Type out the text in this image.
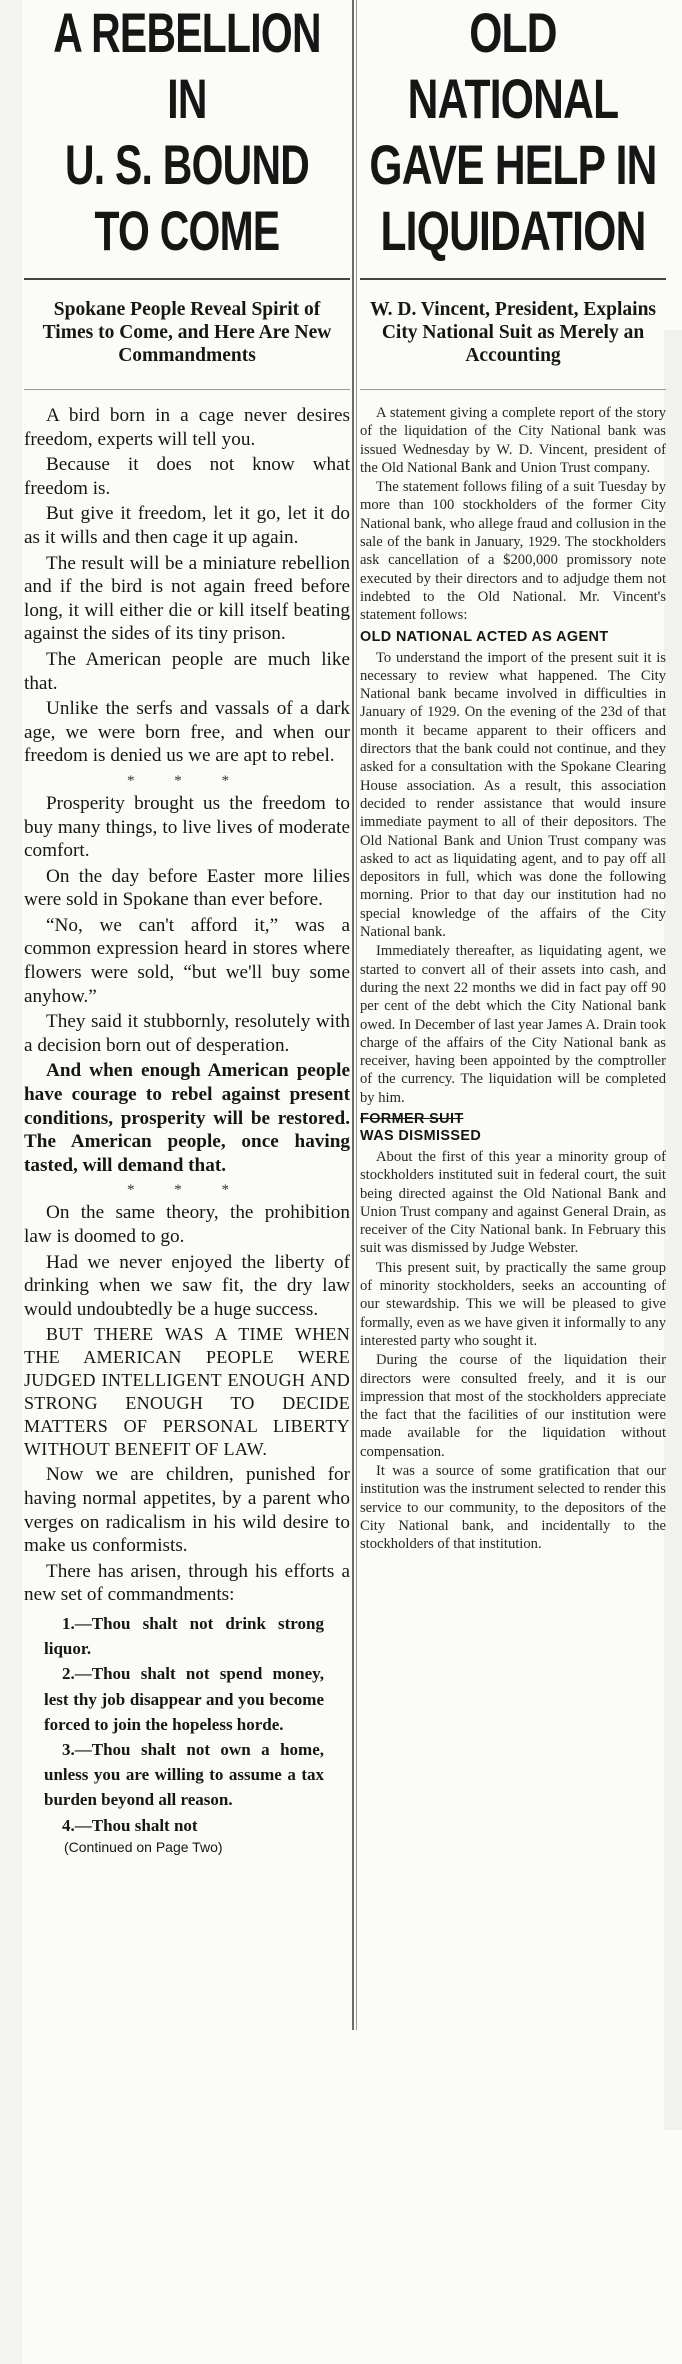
A REBELLION IN
U. S. BOUND
TO COME
Spokane People Reveal Spirit of Times to Come, and Here Are New Commandments

A bird born in a cage never desires freedom, experts will tell you.

Because it does not know what freedom is.

But give it freedom, let it go, let it do as it wills and then cage it up again.

The result will be a miniature rebellion and if the bird is not again freed before long, it will either die or kill itself beating against the sides of its tiny prison.

The American people are much like that.

Unlike the serfs and vassals of a dark age, we were born free, and when our freedom is denied us we are apt to rebel.

* * *

Prosperity brought us the freedom to buy many things, to live lives of moderate comfort.

On the day before Easter more lilies were sold in Spokane than ever before.

“No, we can't afford it,” was a common expression heard in stores where flowers were sold, “but we'll buy some anyhow.”

They said it stubbornly, resolutely with a decision born out of desperation.

And when enough American people have courage to rebel against present conditions, prosperity will be restored. The American people, once having tasted, will demand that.

* * *

On the same theory, the prohibition law is doomed to go.

Had we never enjoyed the liberty of drinking when we saw fit, the dry law would undoubtedly be a huge success.

BUT THERE WAS A TIME WHEN THE AMERICAN PEOPLE WERE JUDGED INTELLIGENT ENOUGH AND STRONG ENOUGH TO DECIDE MATTERS OF PERSONAL LIBERTY WITHOUT BENEFIT OF LAW.

Now we are children, punished for having normal appetites, by a parent who verges on radicalism in his wild desire to make us conformists.

There has arisen, through his efforts a new set of commandments:

1.—Thou shalt not drink strong liquor.

2.—Thou shalt not spend money, lest thy job disappear and you become forced to join the hopeless horde.

3.—Thou shalt not own a home, unless you are willing to assume a tax burden beyond all reason.

4.—Thou shalt not

(Continued on Page Two)
OLD NATIONAL
GAVE HELP IN
LIQUIDATION
W. D. Vincent, President, Explains City National Suit as Merely an Accounting

A statement giving a complete report of the story of the liquidation of the City National bank was issued Wednesday by W. D. Vincent, president of the Old National Bank and Union Trust company.

The statement follows filing of a suit Tuesday by more than 100 stockholders of the former City National bank, who allege fraud and collusion in the sale of the bank in January, 1929. The stockholders ask cancellation of a $200,000 promissory note executed by their directors and to adjudge them not indebted to the Old National. Mr. Vincent's statement follows:

OLD NATIONAL ACTED AS AGENT

To understand the import of the present suit it is necessary to review what happened. The City National bank became involved in difficulties in January of 1929. On the evening of the 23d of that month it became apparent to their officers and directors that the bank could not continue, and they asked for a consultation with the Spokane Clearing House association. As a result, this association decided to render assistance that would insure immediate payment to all of their depositors. The Old National Bank and Union Trust company was asked to act as liquidating agent, and to pay off all depositors in full, which was done the following morning. Prior to that day our institution had no special knowledge of the affairs of the City National bank.

Immediately thereafter, as liquidating agent, we started to convert all of their assets into cash, and during the next 22 months we did in fact pay off 90 per cent of the debt which the City National bank owed. In December of last year James A. Drain took charge of the affairs of the City National bank as receiver, having been appointed by the comptroller of the currency. The liquidation will be completed by him.

FORMER SUIT
WAS DISMISSED

About the first of this year a minority group of stockholders instituted suit in federal court, the suit being directed against the Old National Bank and Union Trust company and against General Drain, as receiver of the City National bank. In February this suit was dismissed by Judge Webster.

This present suit, by practically the same group of minority stockholders, seeks an accounting of our stewardship. This we will be pleased to give formally, even as we have given it informally to any interested party who sought it.

During the course of the liquidation their directors were consulted freely, and it is our impression that most of the stockholders appreciate the fact that the facilities of our institution were made available for the liquidation without compensation.

It was a source of some gratification that our institution was the instrument selected to render this service to our community, to the depositors of the City National bank, and incidentally to the stockholders of that institution.
